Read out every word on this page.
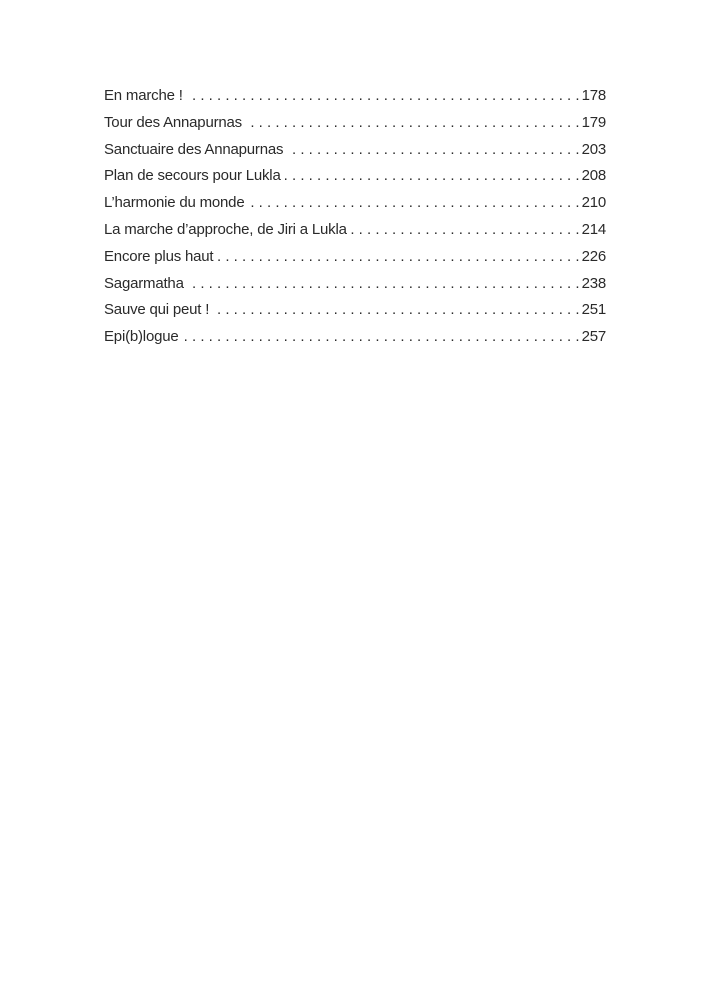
En marche ! . . .	178
Tour des Annapurnas . . .	179
Sanctuaire des Annapurnas . . .	203
Plan de secours pour Lukla . . .	208
L’harmonie du monde . . .	210
La marche d’approche, de Jiri a Lukla . . .	214
Encore plus haut . . .	226
Sagarmatha . . .	238
Sauve qui peut ! . . .	251
Epi(b)logue . . .	257
